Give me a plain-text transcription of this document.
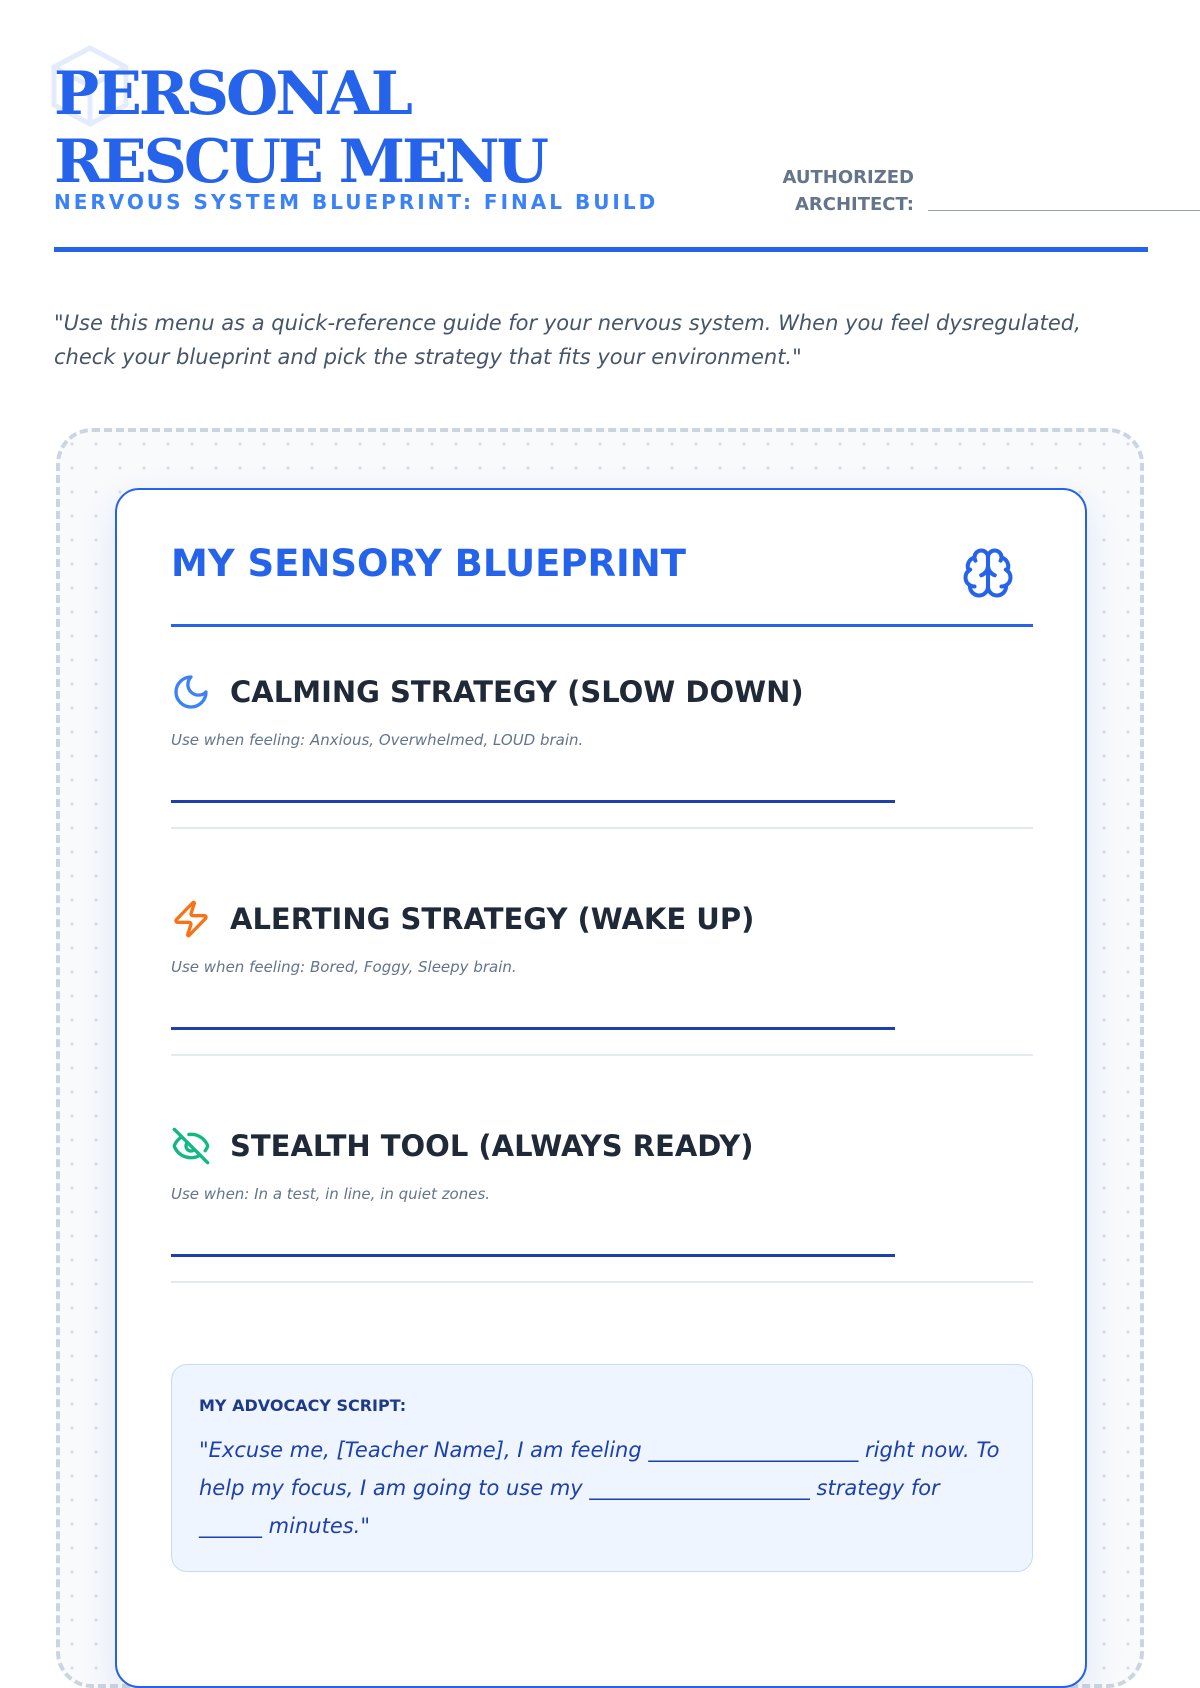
PERSONAL RESCUE MENU
NERVOUS SYSTEM BLUEPRINT: FINAL BUILD
AUTHORIZED ARCHITECT:

"Use this menu as a quick-reference guide for your nervous system. When you feel dysregulated, check your blueprint and pick the strategy that fits your environment."

MY SENSORY BLUEPRINT
CALMING STRATEGY (SLOW DOWN)
Use when feeling: Anxious, Overwhelmed, LOUD brain.
ALERTING STRATEGY (WAKE UP)
Use when feeling: Bored, Foggy, Sleepy brain.
STEALTH TOOL (ALWAYS READY)
Use when: In a test, in line, in quiet zones.
MY ADVOCACY SCRIPT:

"Excuse me, [Teacher Name], I am feeling ____________________ right now. To help my focus, I am going to use my _____________________ strategy for ______ minutes."
